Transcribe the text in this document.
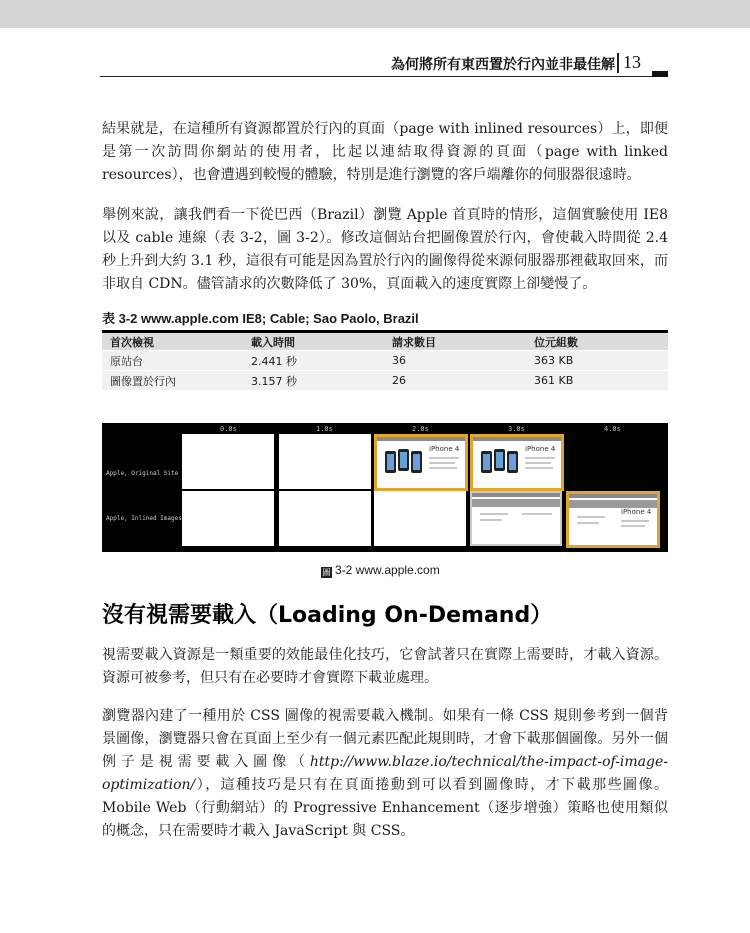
為何將所有東西置於行內並非最佳解 13

結果就是，在這種所有資源都置於行內的頁面（page with inlined resources）上，即便是第一次訪問你網站的使用者，比起以連結取得資源的頁面（page with linked resources），也會遭遇到較慢的體驗，特別是進行瀏覽的客戶端離你的伺服器很遠時。

舉例來說，讓我們看一下從巴西（Brazil）瀏覽 Apple 首頁時的情形，這個實驗使用 IE8 以及 cable 連線（表 3-2，圖 3-2）。修改這個站台把圖像置於行內，會使載入時間從 2.4 秒上升到大約 3.1 秒，這很有可能是因為置於行內的圖像得從來源伺服器那裡截取回來，而非取自 CDN。儘管請求的次數降低了 30%，頁面載入的速度實際上卻變慢了。

表 3-2 www.apple.com IE8; Cable; Sao Paolo, Brazil
首次檢視	載入時間	請求數目	位元組數
原站台	2.441 秒	36	363 KB
圖像置於行內	3.157 秒	26	361 KB
0.0s	1.0s	2.0s	3.0s	4.0s
Apple, Original Site
Apple, Inlined Images
iPhone 4	iPhone 4
iPhone 4
圖 3-2 www.apple.com
沒有視需要載入（Loading On-Demand）

視需要載入資源是一類重要的效能最佳化技巧，它會試著只在實際上需要時，才載入資源。資源可被參考，但只有在必要時才會實際下載並處理。

瀏覽器內建了一種用於 CSS 圖像的視需要載入機制。如果有一條 CSS 規則參考到一個背景圖像，瀏覽器只會在頁面上至少有一個元素匹配此規則時，才會下載那個圖像。另外一個例子是視需要載入圖像（http://www.blaze.io/technical/the-impact-of-image-optimization/），這種技巧是只有在頁面捲動到可以看到圖像時，才下載那些圖像。Mobile Web（行動網站）的 Progressive Enhancement（逐步增強）策略也使用類似的概念，只在需要時才載入 JavaScript 與 CSS。
